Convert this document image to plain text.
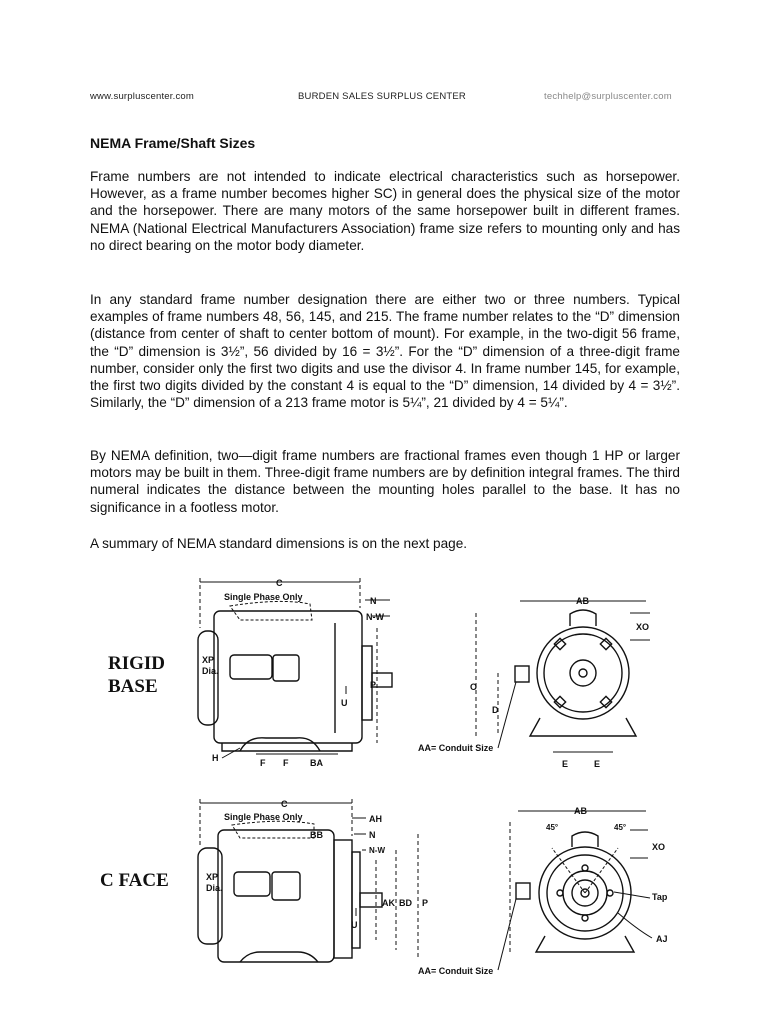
www.surpluscenter.com	BURDEN SALES SURPLUS CENTER	techhelp@surpluscenter.com
NEMA Frame/Shaft Sizes
Frame numbers are not intended to indicate electrical characteristics such as horsepower. However, as a frame number becomes higher SC) in general does the physical size of the motor and the horsepower. There are many motors of the same horsepower built in different frames. NEMA (National Electrical Manufacturers Association) frame size refers to mounting only and has no direct bearing on the motor body diameter.
In any standard frame number designation there are either two or three numbers. Typical examples of frame numbers 48, 56, 145, and 215. The frame number relates to the “D” dimension (distance from center of shaft to center bottom of mount). For example, in the two-digit 56 frame, the “D” dimension is 3½”, 56 divided by 16 = 3½”. For the “D” dimension of a three-digit frame number, consider only the first two digits and use the divisor 4. In frame number 145, for example, the first two digits divided by the constant 4 is equal to the “D” dimension, 14 divided by 4 = 3½”. Similarly, the “D” dimension of a 213 frame motor is 5¼”, 21 divided by 4 = 5¼”.
By NEMA definition, two—digit frame numbers are fractional frames even though 1 HP or larger motors may be built in them. Three-digit frame numbers are by definition integral frames. The third numeral indicates the distance between the mounting holes parallel to the base. It has no significance in a footless motor.
A summary of NEMA standard dimensions is on the next page.
RIGID
BASE
C
Single Phase Only	N
N-W
XP
Dia.
P
U
H	F F BA
AB
XO
O
D
AA= Conduit Size
E	E
C FACE
C
Single Phase Only	AH
BB	N
N-W
XP
Dia.
AK BD P
U
AB
45°	45°
XO
Tap
AJ
AA= Conduit Size
